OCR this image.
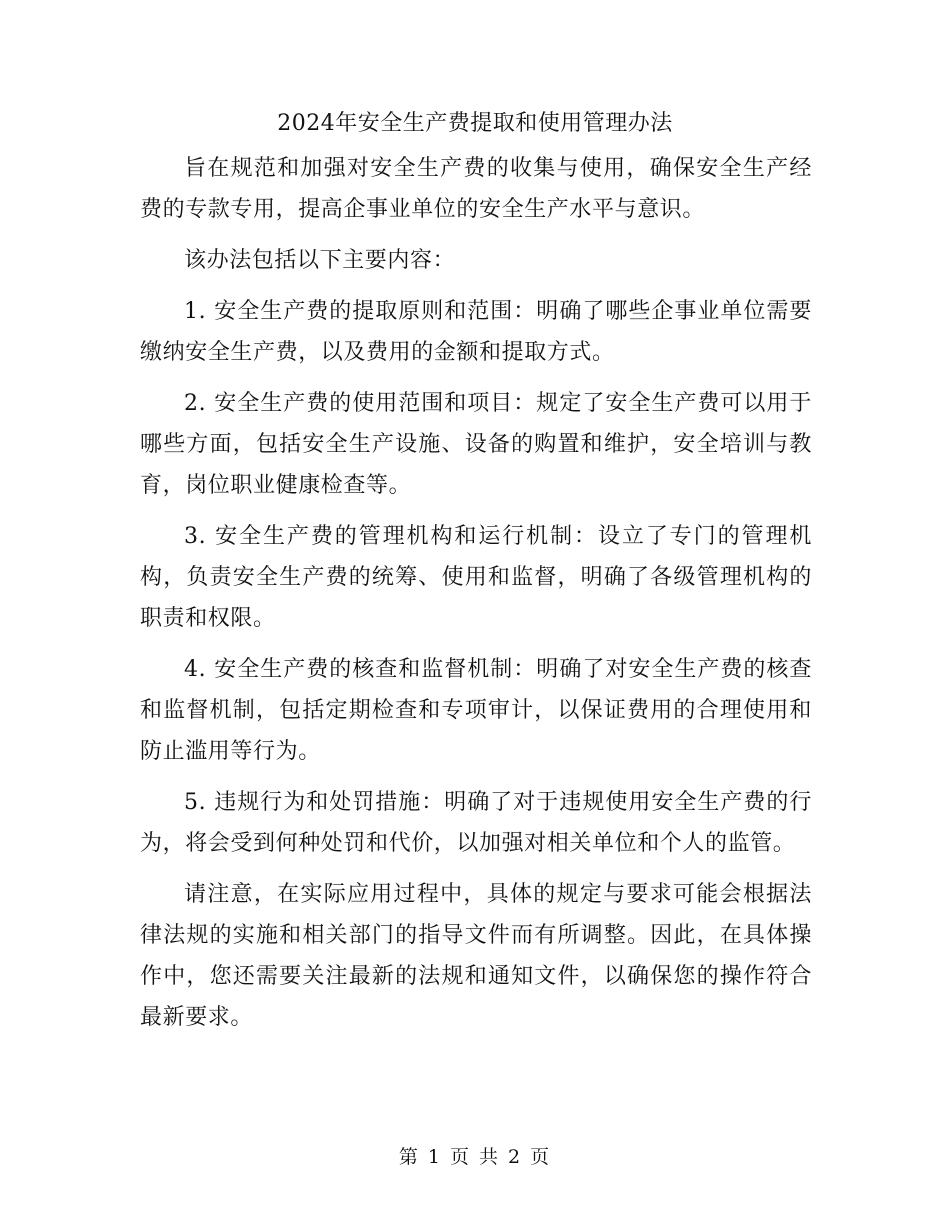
2024年安全生产费提取和使用管理办法

旨在规范和加强对安全生产费的收集与使用，确保安全生产经费的专款专用，提高企事业单位的安全生产水平与意识。

该办法包括以下主要内容：

1. 安全生产费的提取原则和范围：明确了哪些企事业单位需要缴纳安全生产费，以及费用的金额和提取方式。

2. 安全生产费的使用范围和项目：规定了安全生产费可以用于哪些方面，包括安全生产设施、设备的购置和维护，安全培训与教育，岗位职业健康检查等。

3. 安全生产费的管理机构和运行机制：设立了专门的管理机构，负责安全生产费的统筹、使用和监督，明确了各级管理机构的职责和权限。

4. 安全生产费的核查和监督机制：明确了对安全生产费的核查和监督机制，包括定期检查和专项审计，以保证费用的合理使用和防止滥用等行为。

5. 违规行为和处罚措施：明确了对于违规使用安全生产费的行为，将会受到何种处罚和代价，以加强对相关单位和个人的监管。

请注意，在实际应用过程中，具体的规定与要求可能会根据法律法规的实施和相关部门的指导文件而有所调整。因此，在具体操作中，您还需要关注最新的法规和通知文件，以确保您的操作符合最新要求。

第 1 页 共 2 页
